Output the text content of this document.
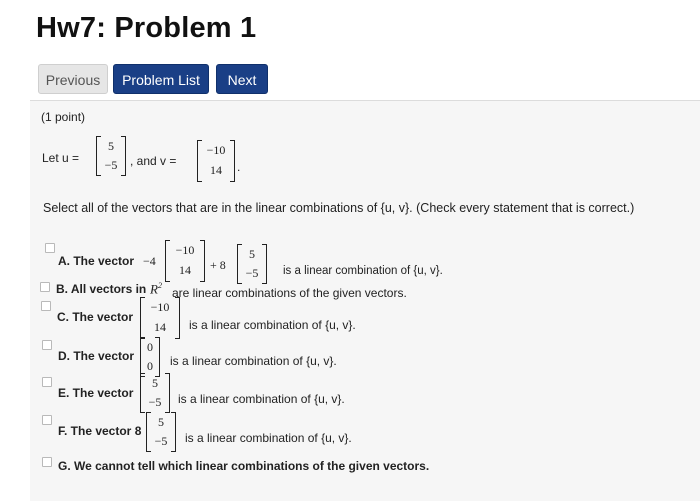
Hw7: Problem 1
Previous	Problem List	Next
(1 point)
Let u =
5
−5	, and v =
−10
14	.
Select all of the vectors that are in the linear combinations of {u, v}. (Check every statement that is correct.)
A. The vector −4
−10
14	+ 8
5
−5	is a linear combination of {u, v}.
B. All vectors in $R^2$
are linear combinations of the given vectors.
C. The vector
−10
14	is a linear combination of {u, v}.
D. The vector
0
0	is a linear combination of {u, v}.
E. The vector
5
−5	is a linear combination of {u, v}.
F. The vector 8
5
−5	is a linear combination of {u, v}.
G. We cannot tell which linear combinations of the given vectors.
